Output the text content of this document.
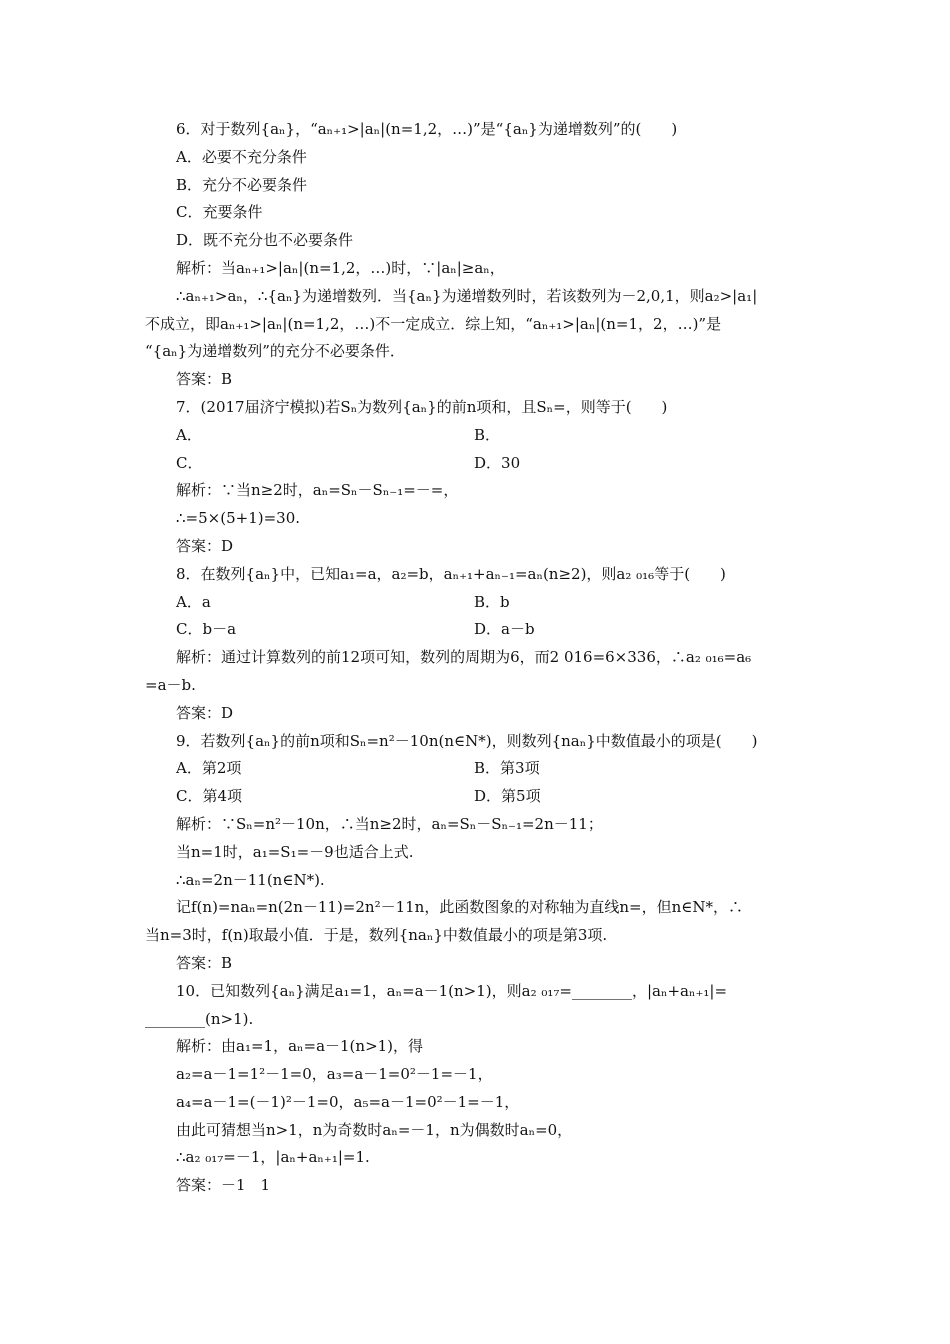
6．对于数列{aₙ}，“aₙ₊₁>|aₙ|(n=1,2，…)”是“{aₙ}为递增数列”的(　　)
A．必要不充分条件
B．充分不必要条件
C．充要条件
D．既不充分也不必要条件
解析：当aₙ₊₁>|aₙ|(n=1,2，…)时，∵|aₙ|≥aₙ，
∴aₙ₊₁>aₙ，∴{aₙ}为递增数列．当{aₙ}为递增数列时，若该数列为－2,0,1，则a₂>|a₁|
不成立，即aₙ₊₁>|aₙ|(n=1,2，…)不一定成立．综上知，“aₙ₊₁>|aₙ|(n=1，2，…)”是
“{aₙ}为递增数列”的充分不必要条件．
答案：B
7．(2017届济宁模拟)若Sₙ为数列{aₙ}的前n项和，且Sₙ=，则等于(　　)
A．	B．
C．	D．30
解析：∵当n≥2时，aₙ=Sₙ－Sₙ₋₁=－=，
∴=5×(5+1)=30.
答案：D
8．在数列{aₙ}中，已知a₁=a，a₂=b，aₙ₊₁+aₙ₋₁=aₙ(n≥2)，则a₂ ₀₁₆等于(　　)
A．a	B．b
C．b－a	D．a－b
解析：通过计算数列的前12项可知，数列的周期为6，而2 016=6×336，∴a₂ ₀₁₆=a₆
=a－b.
答案：D
9．若数列{aₙ}的前n项和Sₙ=n²－10n(n∈N*)，则数列{naₙ}中数值最小的项是(　　)
A．第2项	B．第3项
C．第4项	D．第5项
解析：∵Sₙ=n²－10n，∴当n≥2时，aₙ=Sₙ－Sₙ₋₁=2n－11；
当n=1时，a₁=S₁=－9也适合上式.
∴aₙ=2n－11(n∈N*).
记f(n)=naₙ=n(2n－11)=2n²－11n，此函数图象的对称轴为直线n=，但n∈N*，∴
当n=3时，f(n)取最小值．于是，数列{naₙ}中数值最小的项是第3项.
答案：B
10．已知数列{aₙ}满足a₁=1，aₙ=a－1(n>1)，则a₂ ₀₁₇=________，|aₙ+aₙ₊₁|=
________(n>1).
解析：由a₁=1，aₙ=a－1(n>1)，得
a₂=a－1=1²－1=0，a₃=a－1=0²－1=－1，
a₄=a－1=(－1)²－1=0，a₅=a－1=0²－1=－1，
由此可猜想当n>1，n为奇数时aₙ=－1，n为偶数时aₙ=0，
∴a₂ ₀₁₇=－1，|aₙ+aₙ₊₁|=1.
答案：－1　1
